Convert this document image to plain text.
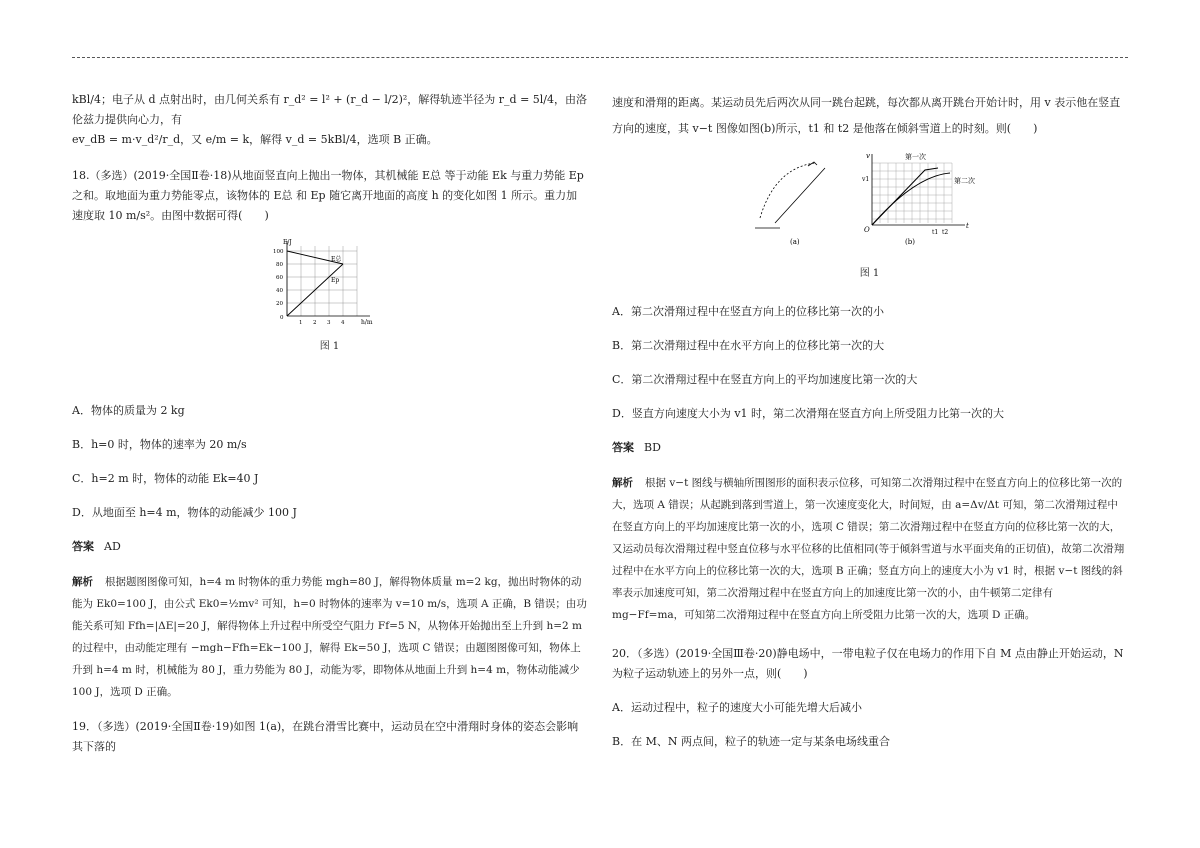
kBl/4；电子从 d 点射出时，由几何关系有 r_d² = l² + (r_d − l/2)²，解得轨迹半径为 r_d = 5l/4，由洛伦兹力提供向心力，有

ev_dB = m·v_d²/r_d，又 e/m = k，解得 v_d = 5kBl/4，选项 B 正确。

18.（多选）(2019·全国Ⅱ卷·18)从地面竖直向上抛出一物体，其机械能 E总 等于动能 Ek 与重力势能 Ep 之和。取地面为重力势能零点，该物体的 E总 和 Ep 随它离开地面的高度 h 的变化如图 1 所示。重力加速度取 10 m/s²。由图中数据可得(　　)

E/J
h/m
100
80
60
40
20
0
1 2 3 4
E总
Ep
图 1

A．物体的质量为 2 kg

B．h=0 时，物体的速率为 20 m/s

C．h=2 m 时，物体的动能 Ek=40 J

D．从地面至 h=4 m，物体的动能减少 100 J

答案 AD

解析 根据题图图像可知，h=4 m 时物体的重力势能 mgh=80 J，解得物体质量 m=2 kg，抛出时物体的动能为 Ek0=100 J，由公式 Ek0=½mv² 可知，h=0 时物体的速率为 v=10 m/s，选项 A 正确，B 错误；由功能关系可知 Ffh=|ΔE|=20 J，解得物体上升过程中所受空气阻力 Ff=5 N，从物体开始抛出至上升到 h=2 m 的过程中，由动能定理有 −mgh−Ffh=Ek−100 J，解得 Ek=50 J，选项 C 错误；由题图图像可知，物体上升到 h=4 m 时，机械能为 80 J，重力势能为 80 J，动能为零，即物体从地面上升到 h=4 m，物体动能减少 100 J，选项 D 正确。

19．（多选）(2019·全国Ⅱ卷·19)如图 1(a)，在跳台滑雪比赛中，运动员在空中滑翔时身体的姿态会影响其下落的

速度和滑翔的距离。某运动员先后两次从同一跳台起跳，每次都从离开跳台开始计时，用 v 表示他在竖直方向的速度，其 v−t 图像如图(b)所示，t1 和 t2 是他落在倾斜雪道上的时刻。则(　　)

(a)
v
t
v1
O	t1 t2
第一次
第二次
(b)
图 1

A．第二次滑翔过程中在竖直方向上的位移比第一次的小

B．第二次滑翔过程中在水平方向上的位移比第一次的大

C．第二次滑翔过程中在竖直方向上的平均加速度比第一次的大

D．竖直方向速度大小为 v1 时，第二次滑翔在竖直方向上所受阻力比第一次的大

答案 BD

解析 根据 v−t 图线与横轴所围图形的面积表示位移，可知第二次滑翔过程中在竖直方向上的位移比第一次的大，选项 A 错误；从起跳到落到雪道上，第一次速度变化大，时间短，由 a=Δv/Δt 可知，第二次滑翔过程中在竖直方向上的平均加速度比第一次的小，选项 C 错误；第二次滑翔过程中在竖直方向的位移比第一次的大，又运动员每次滑翔过程中竖直位移与水平位移的比值相同(等于倾斜雪道与水平面夹角的正切值)，故第二次滑翔过程中在水平方向上的位移比第一次的大，选项 B 正确；竖直方向上的速度大小为 v1 时，根据 v−t 图线的斜率表示加速度可知，第二次滑翔过程中在竖直方向上的加速度比第一次的小，由牛顿第二定律有 mg−Ff=ma，可知第二次滑翔过程中在竖直方向上所受阻力比第一次的大，选项 D 正确。

20．（多选）(2019·全国Ⅲ卷·20)静电场中，一带电粒子仅在电场力的作用下自 M 点由静止开始运动，N 为粒子运动轨迹上的另外一点，则(　　)

A．运动过程中，粒子的速度大小可能先增大后减小

B．在 M、N 两点间，粒子的轨迹一定与某条电场线重合
